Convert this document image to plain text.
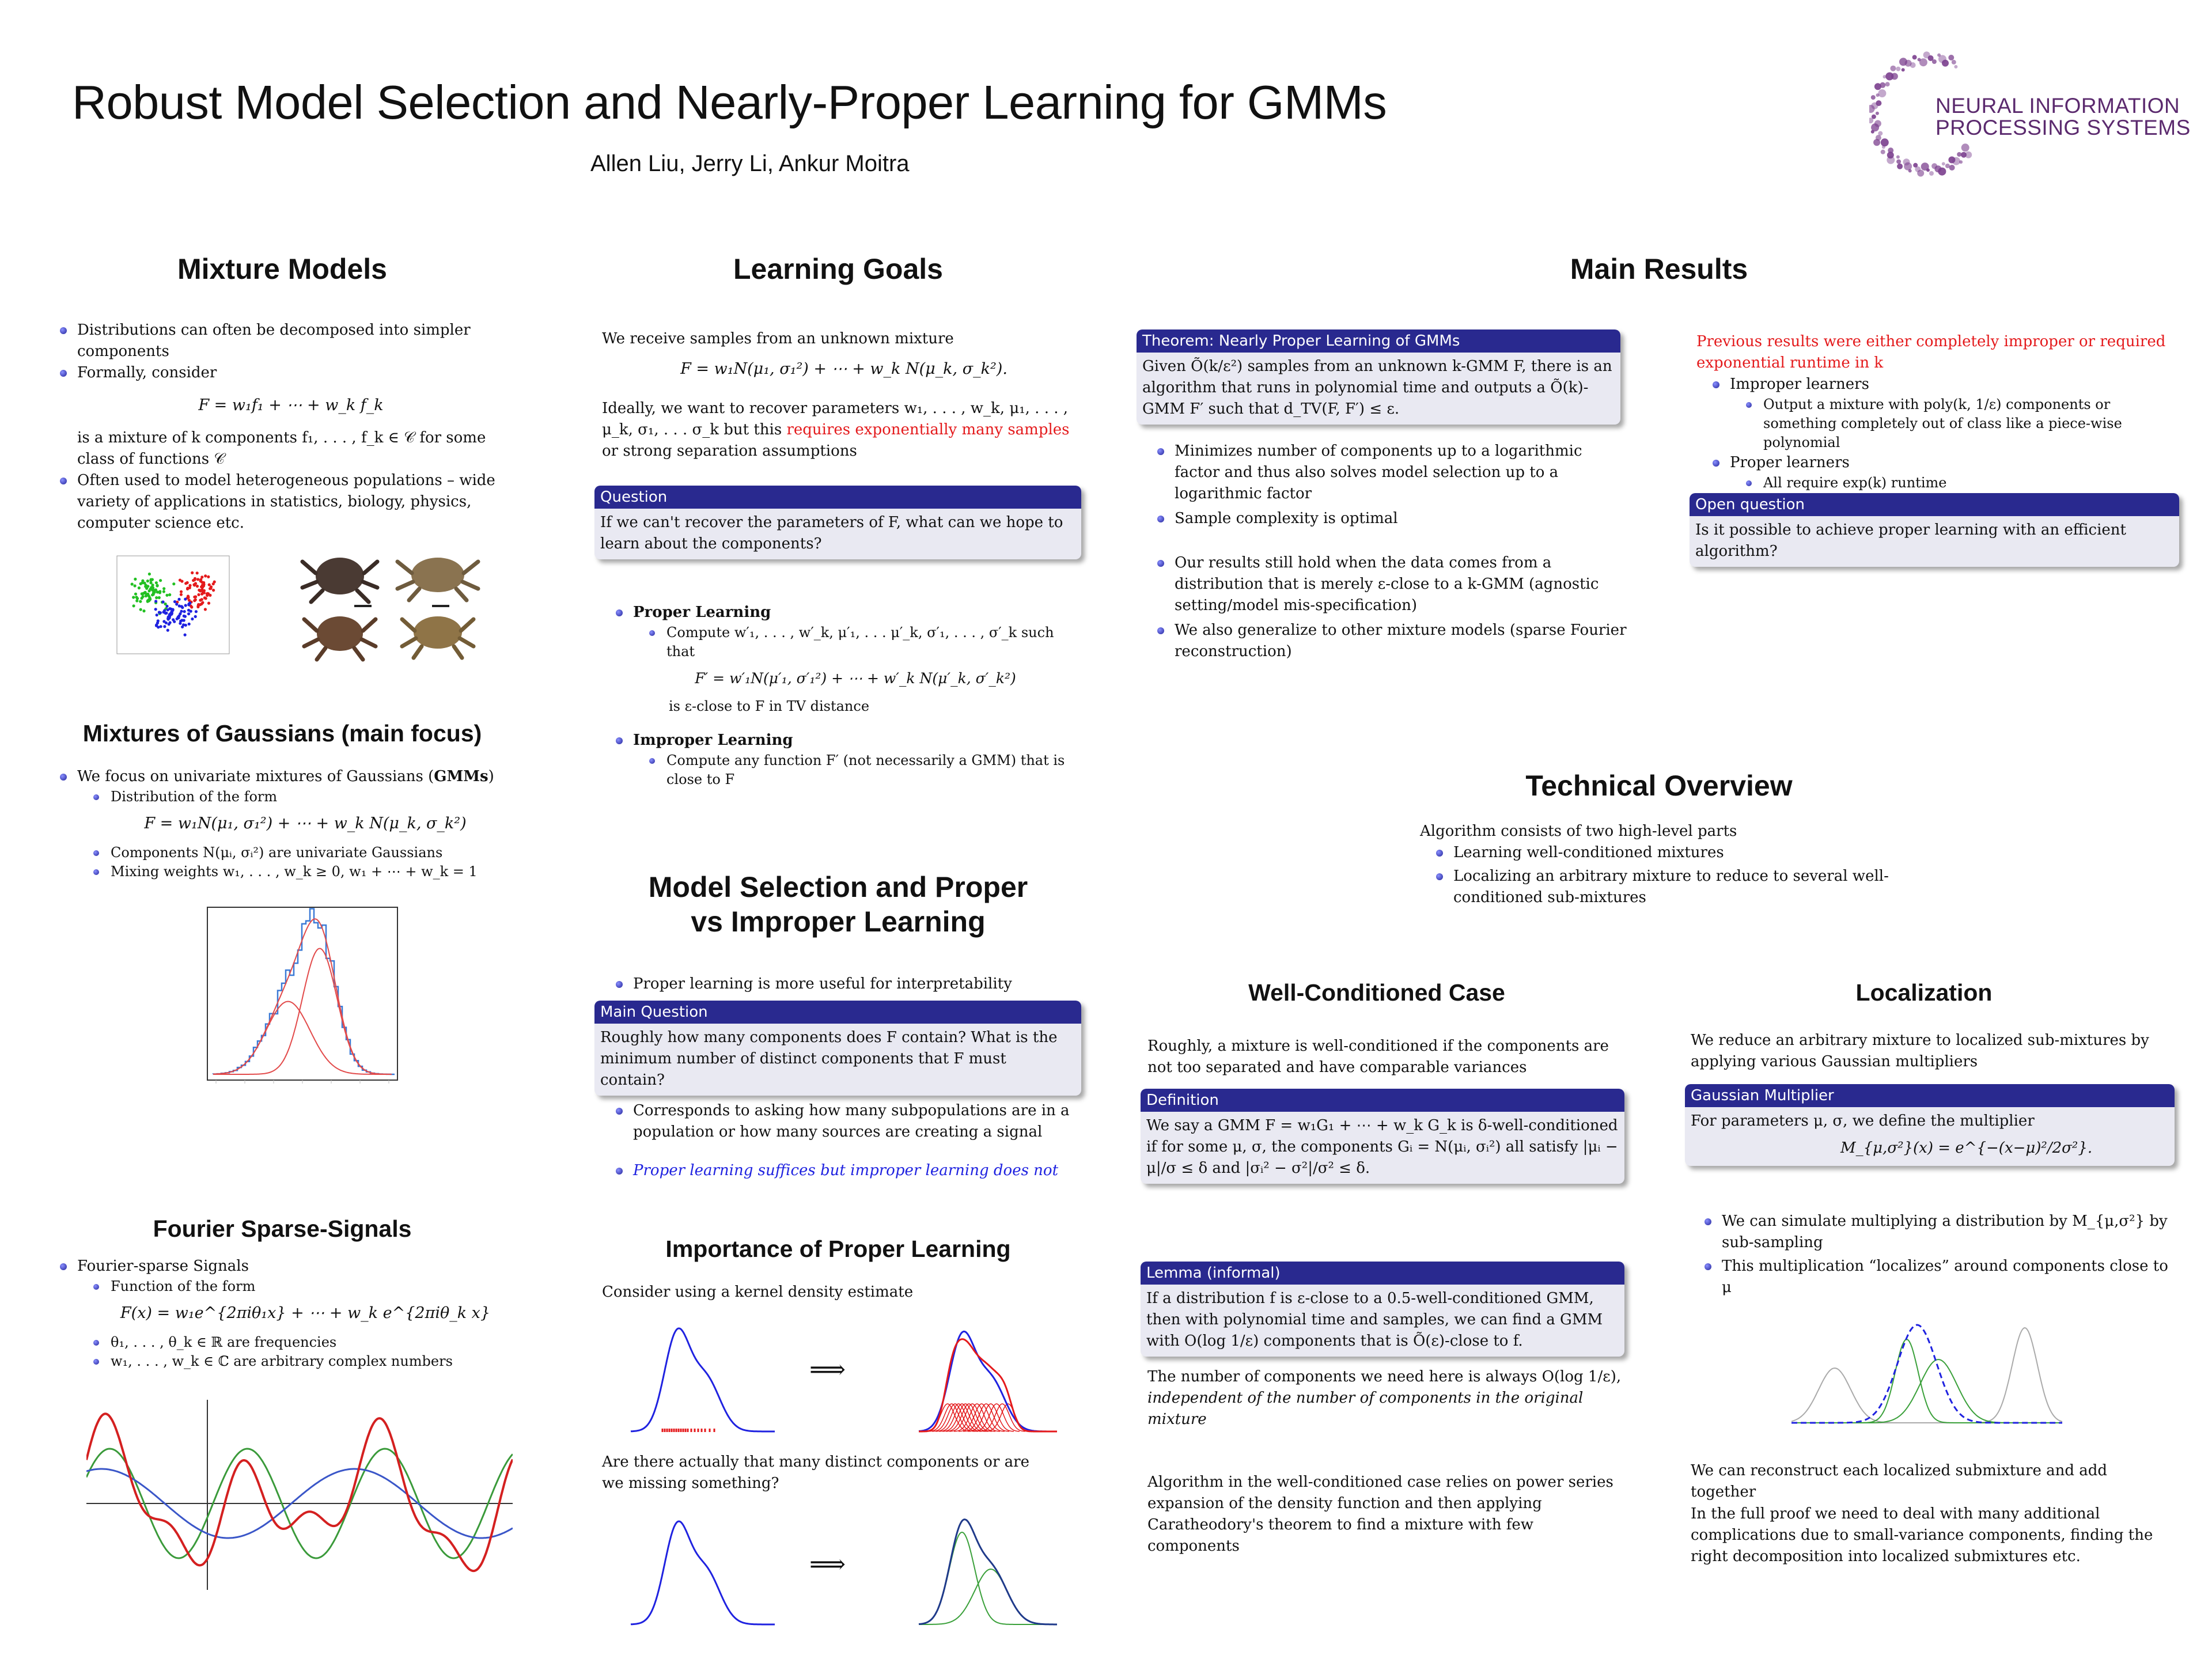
Robust Model Selection and Nearly-Proper Learning for GMMs
Allen Liu, Jerry Li, Ankur Moitra
NEURAL INFORMATION
PROCESSING SYSTEMS
Mixture Models
Distributions can often be decomposed into simpler components
Formally, consider
F = w₁f₁ + ⋯ + w_k f_k

is a mixture of k components f₁, . . . , f_k ∈ 𝒞 for some class of functions 𝒞

Often used to model heterogeneous populations – wide variety of applications in statistics, biology, physics, computer science etc.
Mixtures of Gaussians (main focus)
We focus on univariate mixtures of Gaussians (GMMs)
Distribution of the form
F = w₁N(μ₁, σ₁²) + ⋯ + w_k N(μ_k, σ_k²)
Components N(μᵢ, σᵢ²) are univariate Gaussians
Mixing weights w₁, . . . , w_k ≥ 0, w₁ + ⋯ + w_k = 1
Fourier Sparse-Signals
Fourier-sparse Signals
Function of the form
F(x) = w₁e^{2πiθ₁x} + ⋯ + w_k e^{2πiθ_k x}
θ₁, . . . , θ_k ∈ ℝ are frequencies
w₁, . . . , w_k ∈ ℂ are arbitrary complex numbers
Learning Goals

We receive samples from an unknown mixture

F = w₁N(μ₁, σ₁²) + ⋯ + w_k N(μ_k, σ_k²).

Ideally, we want to recover parameters w₁, . . . , w_k, μ₁, . . . , μ_k, σ₁, . . . σ_k but this requires exponentially many samples or strong separation assumptions

Question
If we can't recover the parameters of F, what can we hope to learn about the components?
Proper Learning
Compute w′₁, . . . , w′_k, μ′₁, . . . μ′_k, σ′₁, . . . , σ′_k such that
F′ = w′₁N(μ′₁, σ′₁²) + ⋯ + w′_k N(μ′_k, σ′_k²)

is ε-close to F in TV distance

Improper Learning
Compute any function F′ (not necessarily a GMM) that is close to F
Model Selection and Proper
vs Improper Learning
Proper learning is more useful for interpretability
Main Question
Roughly how many components does F contain? What is the minimum number of distinct components that F must contain?
Corresponds to asking how many subpopulations are in a population or how many sources are creating a signal
Proper learning suffices but improper learning does not
Importance of Proper Learning
Consider using a kernel density estimate
⟹
Are there actually that many distinct components or are we missing something?
⟹
Main Results
Theorem: Nearly Proper Learning of GMMs
Given Õ(k/ε²) samples from an unknown k-GMM F, there is an algorithm that runs in polynomial time and outputs a Õ(k)-GMM F′ such that d_TV(F, F′) ≤ ε.
Minimizes number of components up to a logarithmic factor and thus also solves model selection up to a logarithmic factor
Sample complexity is optimal
Our results still hold when the data comes from a distribution that is merely ε-close to a k-GMM (agnostic setting/model mis-specification)
We also generalize to other mixture models (sparse Fourier reconstruction)

Previous results were either completely improper or required exponential runtime in k

Improper learners
Output a mixture with poly(k, 1/ε) components or something completely out of class like a piece-wise polynomial
Proper learners
All require exp(k) runtime
Open question
Is it possible to achieve proper learning with an efficient algorithm?
Technical Overview

Algorithm consists of two high-level parts

Learning well-conditioned mixtures
Localizing an arbitrary mixture to reduce to several well-conditioned sub-mixtures
Well-Conditioned Case
Roughly, a mixture is well-conditioned if the components are not too separated and have comparable variances
Definition
We say a GMM F = w₁G₁ + ⋯ + w_k G_k is δ-well-conditioned if for some μ, σ, the components Gᵢ = N(μᵢ, σᵢ²) all satisfy |μᵢ − μ|/σ ≤ δ and |σᵢ² − σ²|/σ² ≤ δ.
Lemma (informal)
If a distribution f is ε-close to a 0.5-well-conditioned GMM, then with polynomial time and samples, we can find a GMM with O(log 1/ε) components that is Õ(ε)-close to f.

The number of components we need here is always O(log 1/ε),

independent of the number of components in the original mixture

Algorithm in the well-conditioned case relies on power series expansion of the density function and then applying Caratheodory's theorem to find a mixture with few components
Localization
We reduce an arbitrary mixture to localized sub-mixtures by applying various Gaussian multipliers
Gaussian Multiplier

For parameters μ, σ, we define the multiplier

M_{μ,σ²}(x) = e^{−(x−μ)²/2σ²}.

We can simulate multiplying a distribution by M_{μ,σ²} by sub-sampling
This multiplication “localizes” around components close to μ
We can reconstruct each localized submixture and add together
In the full proof we need to deal with many additional complications due to small-variance components, finding the right decomposition into localized submixtures etc.
